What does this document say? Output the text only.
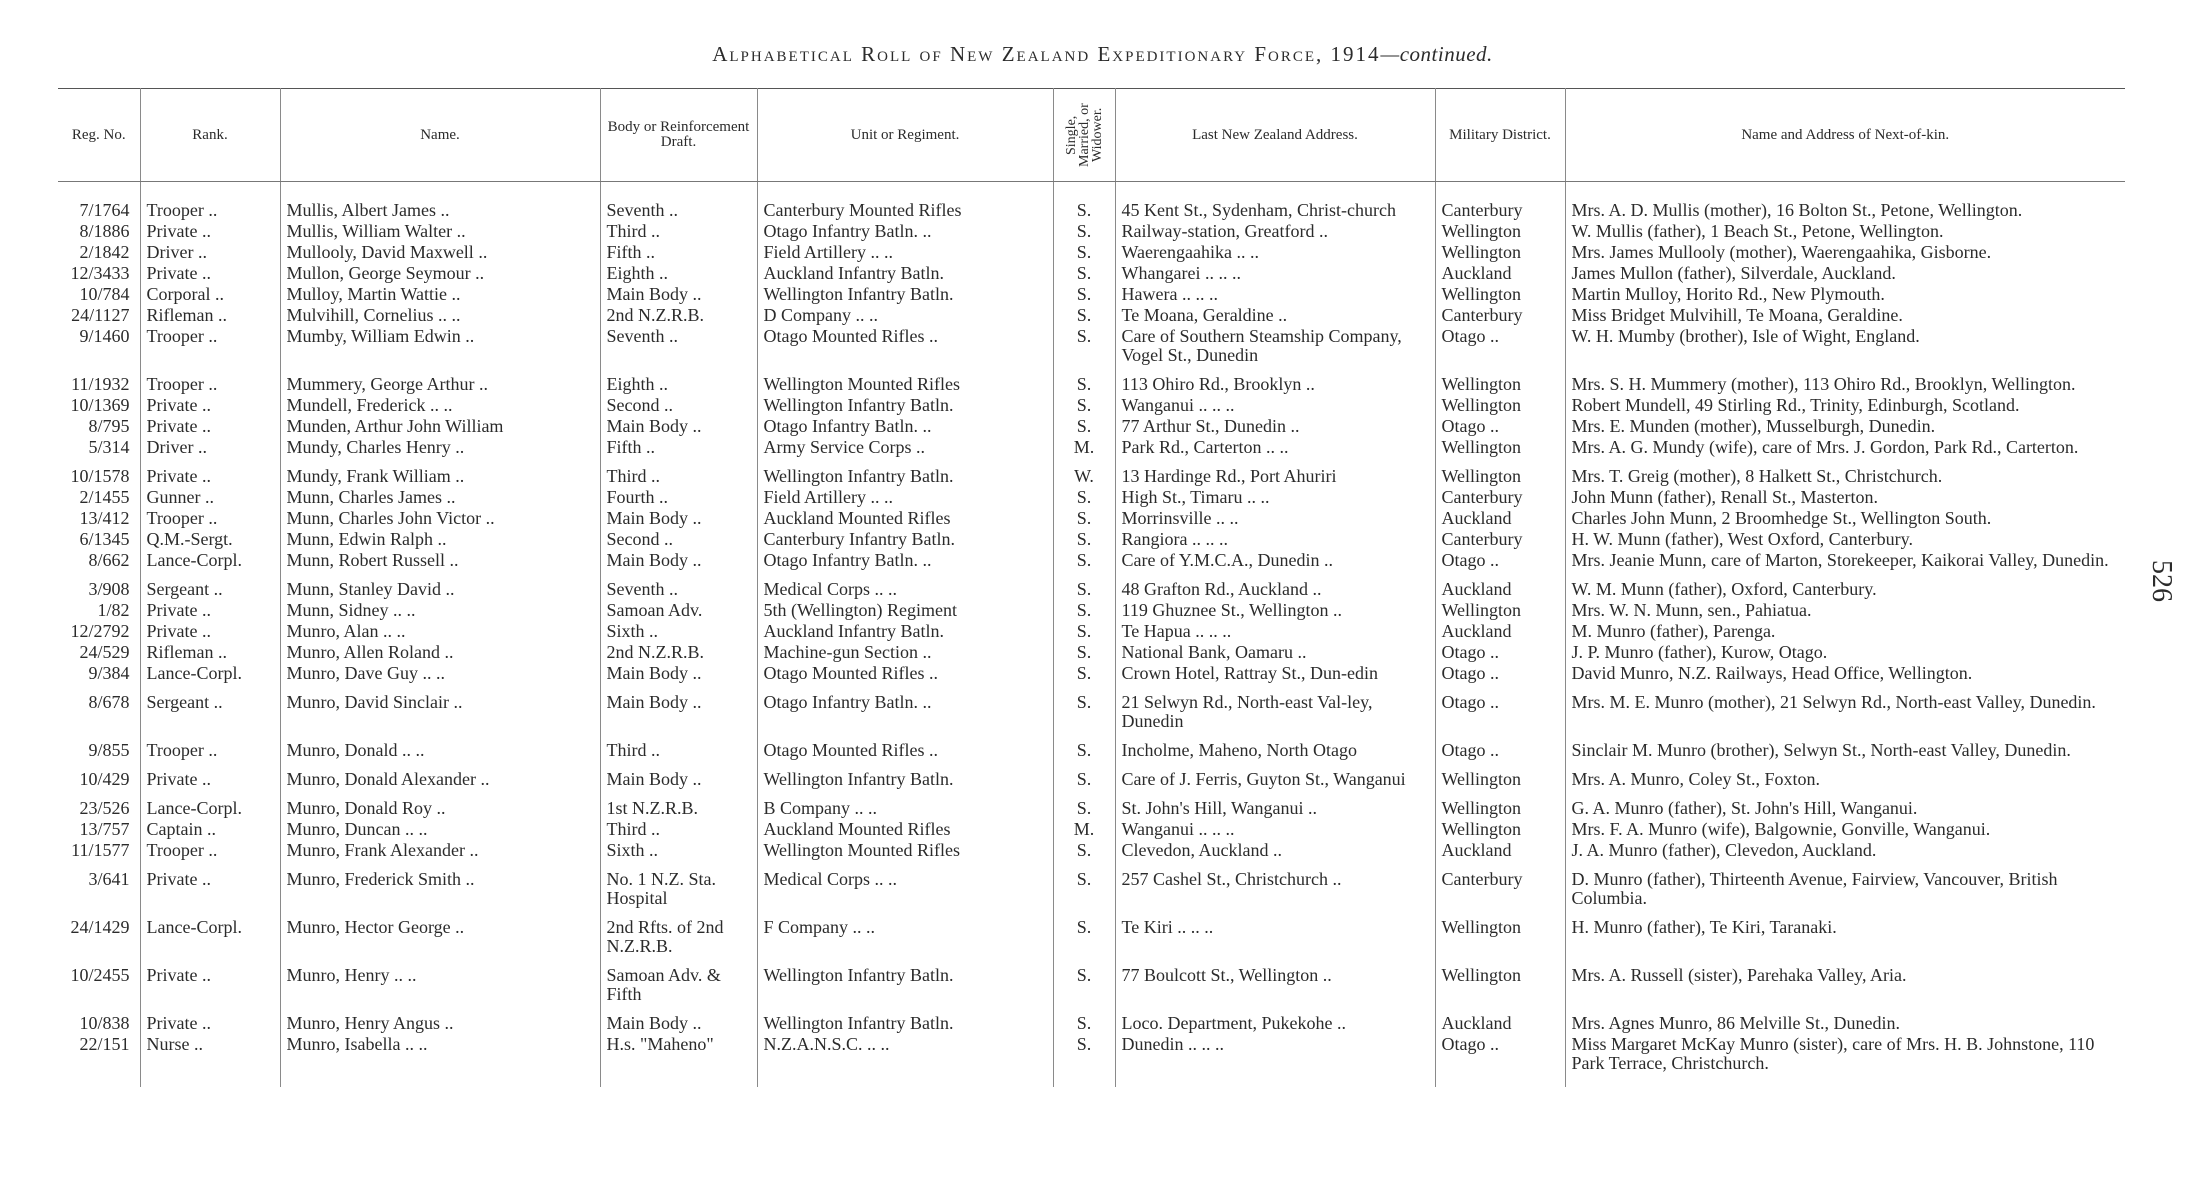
Alphabetical Roll of New Zealand Expeditionary Force, 1914—continued.
526
Reg. No.	Rank.	Name.	Body or Reinforcement Draft.	Unit or Regiment.	Single, Married, or Widower.	Last New Zealand Address.	Military District.	Name and Address of Next-of-kin.

7/1764	Trooper ..	Mullis, Albert James ..	Seventh ..	Canterbury Mounted Rifles	S.	45 Kent St., Sydenham, Christ-church	Canterbury	Mrs. A. D. Mullis (mother), 16 Bolton St., Petone, Wellington.
8/1886	Private ..	Mullis, William Walter ..	Third ..	Otago Infantry Batln. ..	S.	Railway-station, Greatford ..	Wellington	W. Mullis (father), 1 Beach St., Petone, Wellington.
2/1842	Driver ..	Mullooly, David Maxwell ..	Fifth ..	Field Artillery .. ..	S.	Waerengaahika .. ..	Wellington	Mrs. James Mullooly (mother), Waerengaahika, Gisborne.
12/3433	Private ..	Mullon, George Seymour ..	Eighth ..	Auckland Infantry Batln.	S.	Whangarei .. .. ..	Auckland	James Mullon (father), Silverdale, Auckland.
10/784	Corporal ..	Mulloy, Martin Wattie ..	Main Body ..	Wellington Infantry Batln.	S.	Hawera .. .. ..	Wellington	Martin Mulloy, Horito Rd., New Plymouth.
24/1127	Rifleman ..	Mulvihill, Cornelius .. ..	2nd N.Z.R.B.	D Company .. ..	S.	Te Moana, Geraldine ..	Canterbury	Miss Bridget Mulvihill, Te Moana, Geraldine.
9/1460	Trooper ..	Mumby, William Edwin ..	Seventh ..	Otago Mounted Rifles ..	S.	Care of Southern Steamship Company, Vogel St., Dunedin	Otago ..	W. H. Mumby (brother), Isle of Wight, England.
11/1932	Trooper ..	Mummery, George Arthur ..	Eighth ..	Wellington Mounted Rifles	S.	113 Ohiro Rd., Brooklyn ..	Wellington	Mrs. S. H. Mummery (mother), 113 Ohiro Rd., Brooklyn, Wellington.
10/1369	Private ..	Mundell, Frederick .. ..	Second ..	Wellington Infantry Batln.	S.	Wanganui .. .. ..	Wellington	Robert Mundell, 49 Stirling Rd., Trinity, Edinburgh, Scotland.
8/795	Private ..	Munden, Arthur John William	Main Body ..	Otago Infantry Batln. ..	S.	77 Arthur St., Dunedin ..	Otago ..	Mrs. E. Munden (mother), Musselburgh, Dunedin.
5/314	Driver ..	Mundy, Charles Henry ..	Fifth ..	Army Service Corps ..	M.	Park Rd., Carterton .. ..	Wellington	Mrs. A. G. Mundy (wife), care of Mrs. J. Gordon, Park Rd., Carterton.
10/1578	Private ..	Mundy, Frank William ..	Third ..	Wellington Infantry Batln.	W.	13 Hardinge Rd., Port Ahuriri	Wellington	Mrs. T. Greig (mother), 8 Halkett St., Christchurch.
2/1455	Gunner ..	Munn, Charles James ..	Fourth ..	Field Artillery .. ..	S.	High St., Timaru .. ..	Canterbury	John Munn (father), Renall St., Masterton.
13/412	Trooper ..	Munn, Charles John Victor ..	Main Body ..	Auckland Mounted Rifles	S.	Morrinsville .. ..	Auckland	Charles John Munn, 2 Broomhedge St., Wellington South.
6/1345	Q.M.-Sergt.	Munn, Edwin Ralph ..	Second ..	Canterbury Infantry Batln.	S.	Rangiora .. .. ..	Canterbury	H. W. Munn (father), West Oxford, Canterbury.
8/662	Lance-Corpl.	Munn, Robert Russell ..	Main Body ..	Otago Infantry Batln. ..	S.	Care of Y.M.C.A., Dunedin ..	Otago ..	Mrs. Jeanie Munn, care of Marton, Storekeeper, Kaikorai Valley, Dunedin.
3/908	Sergeant ..	Munn, Stanley David ..	Seventh ..	Medical Corps .. ..	S.	48 Grafton Rd., Auckland ..	Auckland	W. M. Munn (father), Oxford, Canterbury.
1/82	Private ..	Munn, Sidney .. ..	Samoan Adv.	5th (Wellington) Regiment	S.	119 Ghuznee St., Wellington ..	Wellington	Mrs. W. N. Munn, sen., Pahiatua.
12/2792	Private ..	Munro, Alan .. ..	Sixth ..	Auckland Infantry Batln.	S.	Te Hapua .. .. ..	Auckland	M. Munro (father), Parenga.
24/529	Rifleman ..	Munro, Allen Roland ..	2nd N.Z.R.B.	Machine-gun Section ..	S.	National Bank, Oamaru ..	Otago ..	J. P. Munro (father), Kurow, Otago.
9/384	Lance-Corpl.	Munro, Dave Guy .. ..	Main Body ..	Otago Mounted Rifles ..	S.	Crown Hotel, Rattray St., Dun-edin	Otago ..	David Munro, N.Z. Railways, Head Office, Wellington.
8/678	Sergeant ..	Munro, David Sinclair ..	Main Body ..	Otago Infantry Batln. ..	S.	21 Selwyn Rd., North-east Val-ley, Dunedin	Otago ..	Mrs. M. E. Munro (mother), 21 Selwyn Rd., North-east Valley, Dunedin.
9/855	Trooper ..	Munro, Donald .. ..	Third ..	Otago Mounted Rifles ..	S.	Incholme, Maheno, North Otago	Otago ..	Sinclair M. Munro (brother), Selwyn St., North-east Valley, Dunedin.
10/429	Private ..	Munro, Donald Alexander ..	Main Body ..	Wellington Infantry Batln.	S.	Care of J. Ferris, Guyton St., Wanganui	Wellington	Mrs. A. Munro, Coley St., Foxton.
23/526	Lance-Corpl.	Munro, Donald Roy ..	1st N.Z.R.B.	B Company .. ..	S.	St. John's Hill, Wanganui ..	Wellington	G. A. Munro (father), St. John's Hill, Wanganui.
13/757	Captain ..	Munro, Duncan .. ..	Third ..	Auckland Mounted Rifles	M.	Wanganui .. .. ..	Wellington	Mrs. F. A. Munro (wife), Balgownie, Gonville, Wanganui.
11/1577	Trooper ..	Munro, Frank Alexander ..	Sixth ..	Wellington Mounted Rifles	S.	Clevedon, Auckland ..	Auckland	J. A. Munro (father), Clevedon, Auckland.
3/641	Private ..	Munro, Frederick Smith ..	No. 1 N.Z. Sta. Hospital	Medical Corps .. ..	S.	257 Cashel St., Christchurch ..	Canterbury	D. Munro (father), Thirteenth Avenue, Fairview, Vancouver, British Columbia.
24/1429	Lance-Corpl.	Munro, Hector George ..	2nd Rfts. of 2nd N.Z.R.B.	F Company .. ..	S.	Te Kiri .. .. ..	Wellington	H. Munro (father), Te Kiri, Taranaki.
10/2455	Private ..	Munro, Henry .. ..	Samoan Adv. & Fifth	Wellington Infantry Batln.	S.	77 Boulcott St., Wellington ..	Wellington	Mrs. A. Russell (sister), Parehaka Valley, Aria.
10/838	Private ..	Munro, Henry Angus ..	Main Body ..	Wellington Infantry Batln.	S.	Loco. Department, Pukekohe ..	Auckland	Mrs. Agnes Munro, 86 Melville St., Dunedin.
22/151	Nurse ..	Munro, Isabella .. ..	H.s. "Maheno"	N.Z.A.N.S.C. .. ..	S.	Dunedin .. .. ..	Otago ..	Miss Margaret McKay Munro (sister), care of Mrs. H. B. Johnstone, 110 Park Terrace, Christchurch.
